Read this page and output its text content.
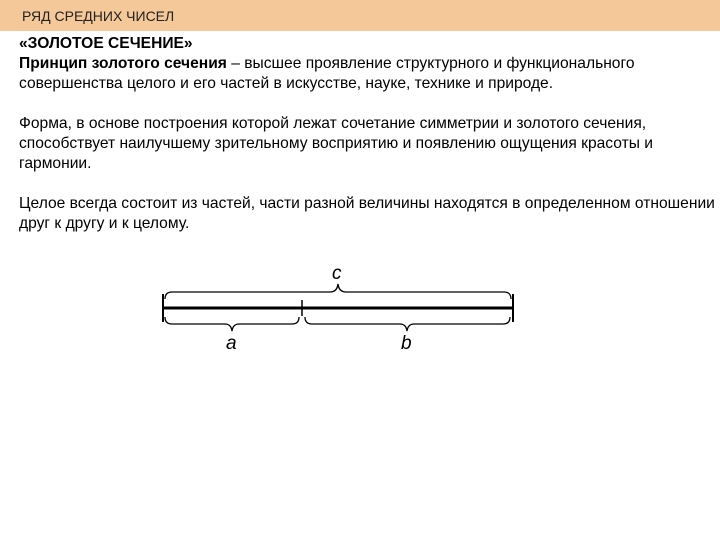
РЯД СРЕДНИХ ЧИСЕЛ

«ЗОЛОТОЕ СЕЧЕНИЕ»

Принцип золотого сечения – высшее проявление структурного и функционального совершенства целого и его частей в искусстве, науке, технике и природе.

Форма, в основе построения которой лежат сочетание симметрии и золотого сечения, способствует наилучшему зрительному восприятию и появлению ощущения красоты и гармонии.

Целое всегда состоит из частей, части разной величины находятся в определенном отношении друг к другу и к целому.

c
a	b
